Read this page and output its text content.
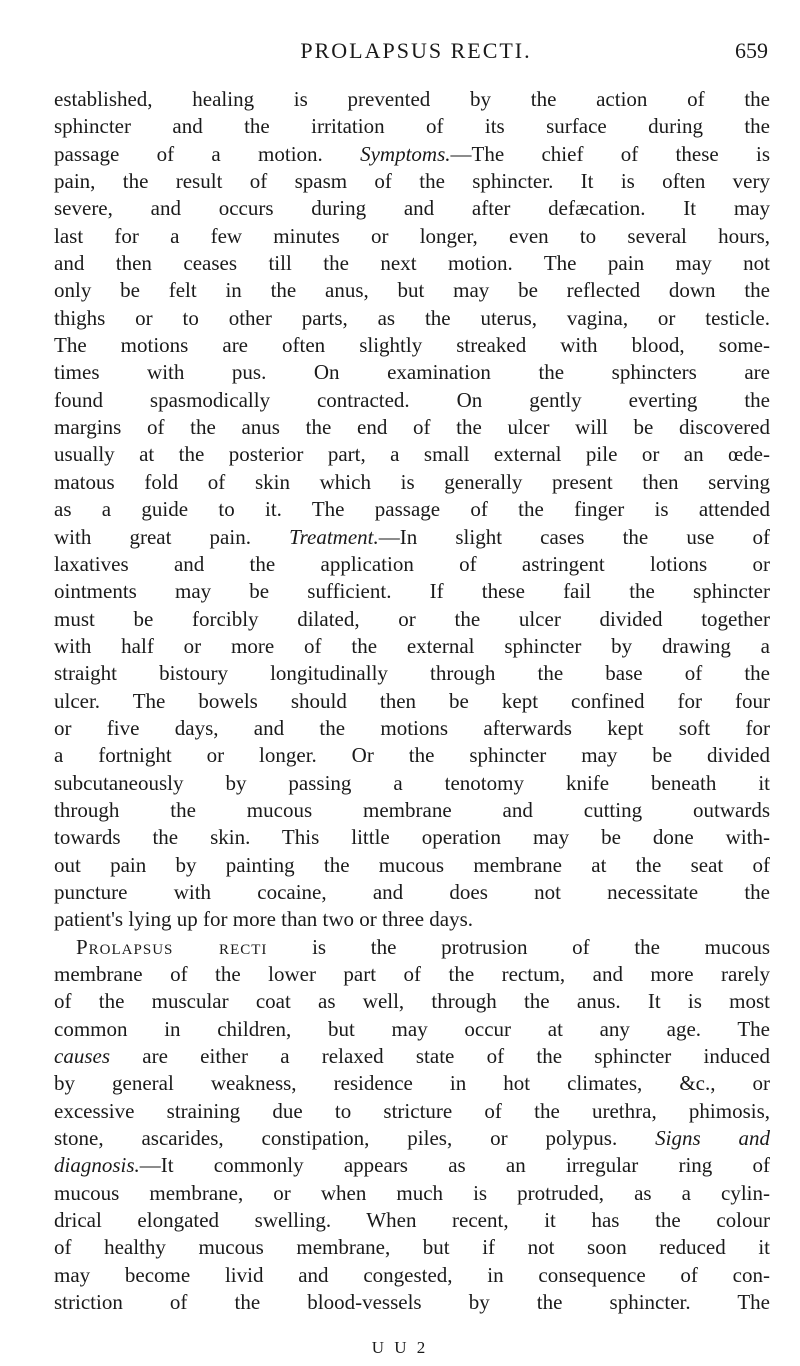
PROLAPSUS RECTI.	659
established, healing is prevented by the action of the
sphincter and the irritation of its surface during the
passage of a motion. Symptoms.—The chief of these is
pain, the result of spasm of the sphincter. It is often very
severe, and occurs during and after defæcation. It may
last for a few minutes or longer, even to several hours,
and then ceases till the next motion. The pain may not
only be felt in the anus, but may be reflected down the
thighs or to other parts, as the uterus, vagina, or testicle.
The motions are often slightly streaked with blood, some-
times with pus. On examination the sphincters are
found spasmodically contracted. On gently everting the
margins of the anus the end of the ulcer will be discovered
usually at the posterior part, a small external pile or an œde-
matous fold of skin which is generally present then serving
as a guide to it. The passage of the finger is attended
with great pain. Treatment.—In slight cases the use of
laxatives and the application of astringent lotions or
ointments may be sufficient. If these fail the sphincter
must be forcibly dilated, or the ulcer divided together
with half or more of the external sphincter by drawing a
straight bistoury longitudinally through the base of the
ulcer. The bowels should then be kept confined for four
or five days, and the motions afterwards kept soft for
a fortnight or longer. Or the sphincter may be divided
subcutaneously by passing a tenotomy knife beneath it
through the mucous membrane and cutting outwards
towards the skin. This little operation may be done with-
out pain by painting the mucous membrane at the seat of
puncture with cocaine, and does not necessitate the
patient's lying up for more than two or three days.
Prolapsus recti is the protrusion of the mucous
membrane of the lower part of the rectum, and more rarely
of the muscular coat as well, through the anus. It is most
common in children, but may occur at any age. The
causes are either a relaxed state of the sphincter induced
by general weakness, residence in hot climates, &c., or
excessive straining due to stricture of the urethra, phimosis,
stone, ascarides, constipation, piles, or polypus. Signs and
diagnosis.—It commonly appears as an irregular ring of
mucous membrane, or when much is protruded, as a cylin-
drical elongated swelling. When recent, it has the colour
of healthy mucous membrane, but if not soon reduced it
may become livid and congested, in consequence of con-
striction of the blood-vessels by the sphincter. The
U U 2
